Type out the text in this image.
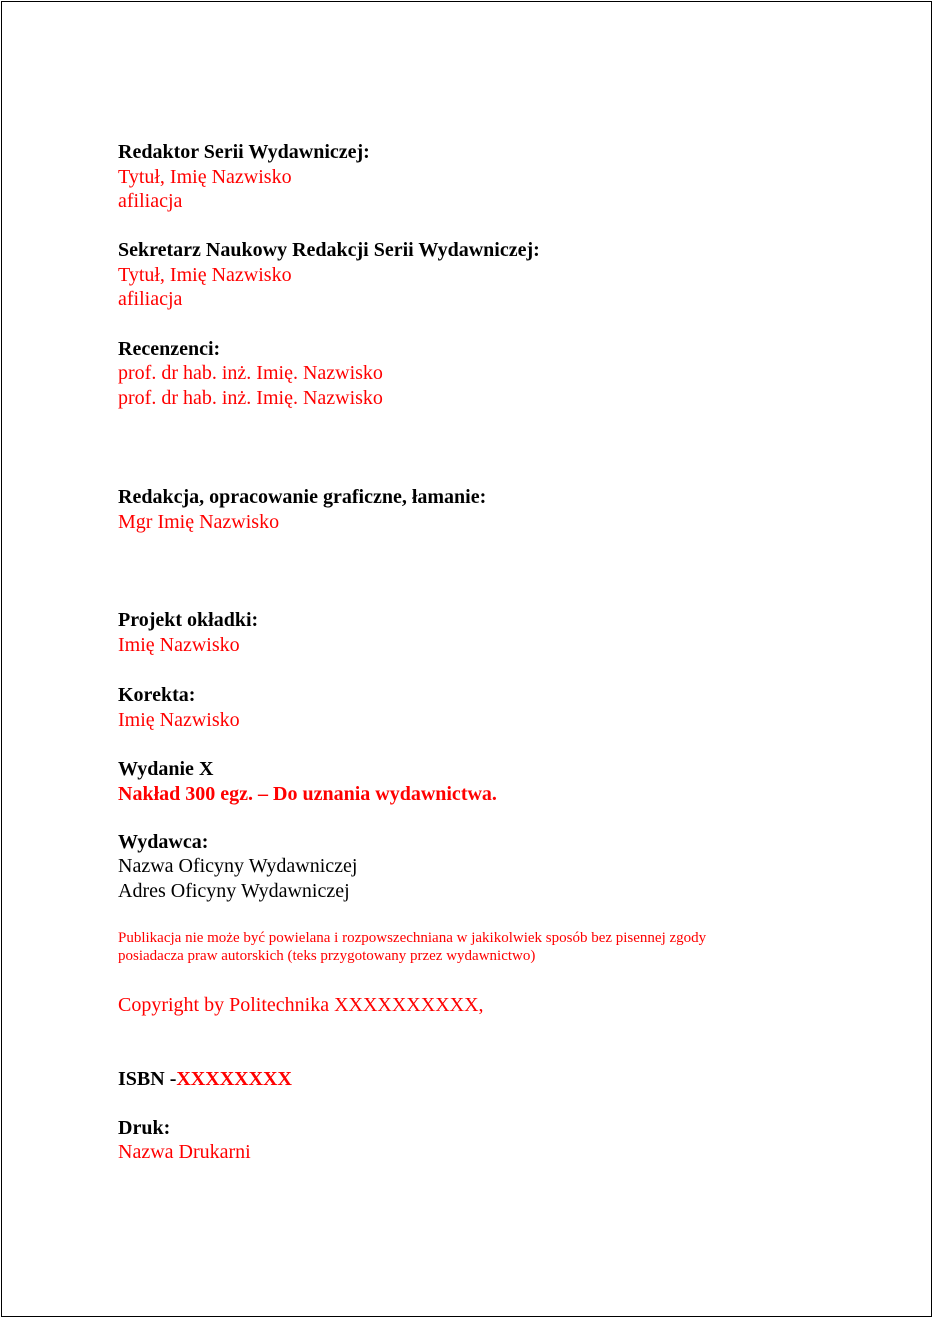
Redaktor Serii Wydawniczej:
Tytuł, Imię Nazwisko
afiliacja
Sekretarz Naukowy Redakcji Serii Wydawniczej:
Tytuł, Imię Nazwisko
afiliacja
Recenzenci:
prof. dr hab. inż. Imię. Nazwisko
prof. dr hab. inż. Imię. Nazwisko
Redakcja, opracowanie graficzne, łamanie:
Mgr Imię Nazwisko
Projekt okładki:
Imię Nazwisko
Korekta:
Imię Nazwisko
Wydanie X
Nakład 300 egz. – Do uznania wydawnictwa.
Wydawca:
Nazwa Oficyny Wydawniczej
Adres Oficyny Wydawniczej
Publikacja nie może być powielana i rozpowszechniana w jakikolwiek sposób bez pisennej zgody
posiadacza praw autorskich (teks przygotowany przez wydawnictwo)
Copyright by Politechnika XXXXXXXXXX,
ISBN -XXXXXXXX
Druk:
Nazwa Drukarni
